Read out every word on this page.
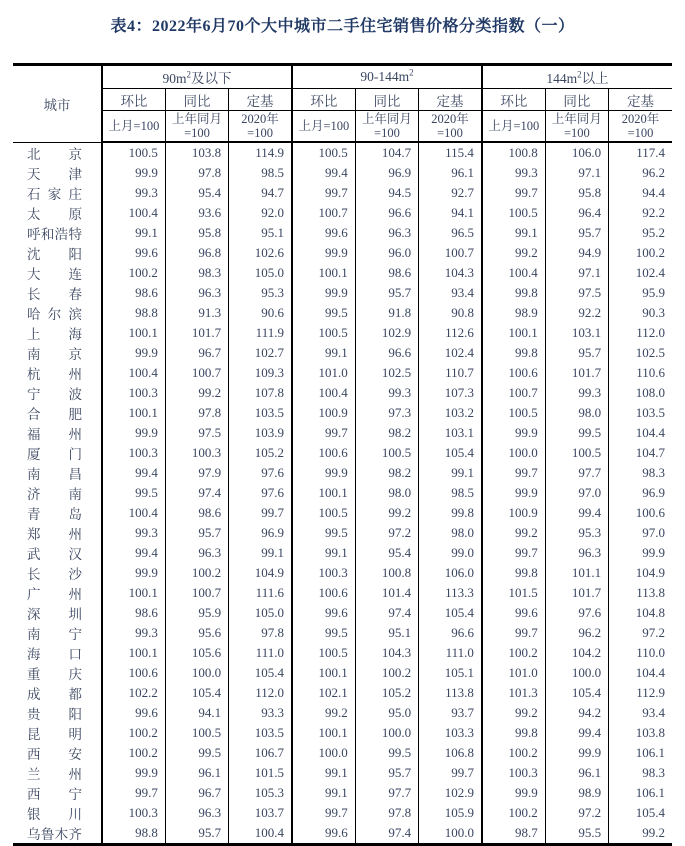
表4：2022年6月70个大中城市二手住宅销售价格分类指数（一）
城市	$90m^2$及以下			$90-144m^2$			$144m^2$以上		
	环比	同比	定基	环比	同比	定基	环比	同比	定基
	上月=100	上年同月=100	2020年=100	上月=100	上年同月=100	2020年=100	上月=100	上年同月=100	2020年=100
北京	100.5	103.8	114.9	100.5	104.7	115.4	100.8	106.0	117.4
天津	99.9	97.8	98.5	99.4	96.9	96.1	99.3	97.1	96.2
石家庄	99.3	95.4	94.7	99.7	94.5	92.7	99.7	95.8	94.4
太原	100.4	93.6	92.0	100.7	96.6	94.1	100.5	96.4	92.2
呼和浩特	99.1	95.8	95.1	99.6	96.3	96.5	99.1	95.7	95.2
沈阳	99.6	96.8	102.6	99.9	96.0	100.7	99.2	94.9	100.2
大连	100.2	98.3	105.0	100.1	98.6	104.3	100.4	97.1	102.4
长春	98.6	96.3	95.3	99.9	95.7	93.4	99.8	97.5	95.9
哈尔滨	98.8	91.3	90.6	99.5	91.8	90.8	98.9	92.2	90.3
上海	100.1	101.7	111.9	100.5	102.9	112.6	100.1	103.1	112.0
南京	99.9	96.7	102.7	99.1	96.6	102.4	99.8	95.7	102.5
杭州	100.4	100.7	109.3	101.0	102.5	110.7	100.6	101.7	110.6
宁波	100.3	99.2	107.8	100.4	99.3	107.3	100.7	99.3	108.0
合肥	100.1	97.8	103.5	100.9	97.3	103.2	100.5	98.0	103.5
福州	99.9	97.5	103.9	99.7	98.2	103.1	99.9	99.5	104.4
厦门	100.3	100.3	105.2	100.6	100.5	105.4	100.0	100.5	104.7
南昌	99.4	97.9	97.6	99.9	98.2	99.1	99.7	97.7	98.3
济南	99.5	97.4	97.6	100.1	98.0	98.5	99.9	97.0	96.9
青岛	100.4	98.6	99.7	100.5	99.2	99.8	100.9	99.4	100.6
郑州	99.3	95.7	96.9	99.5	97.2	98.0	99.2	95.3	97.0
武汉	99.4	96.3	99.1	99.1	95.4	99.0	99.7	96.3	99.9
长沙	99.9	100.2	104.9	100.3	100.8	106.0	99.8	101.1	104.9
广州	100.1	100.7	111.6	100.6	101.4	113.3	101.5	101.7	113.8
深圳	98.6	95.9	105.0	99.6	97.4	105.4	99.6	97.6	104.8
南宁	99.3	95.6	97.8	99.5	95.1	96.6	99.7	96.2	97.2
海口	100.1	105.6	111.0	100.5	104.3	111.0	100.2	104.2	110.0
重庆	100.6	100.0	105.4	100.1	100.2	105.1	101.0	100.0	104.4
成都	102.2	105.4	112.0	102.1	105.2	113.8	101.3	105.4	112.9
贵阳	99.6	94.1	93.3	99.2	95.0	93.7	99.2	94.2	93.4
昆明	100.2	100.5	103.5	100.1	100.0	103.3	99.8	99.4	103.8
西安	100.2	99.5	106.7	100.0	99.5	106.8	100.2	99.9	106.1
兰州	99.9	96.1	101.5	99.1	95.7	99.7	100.3	96.1	98.3
西宁	99.7	96.7	105.3	99.1	97.7	102.9	99.9	98.9	106.1
银川	100.3	96.3	103.7	99.7	97.8	105.9	100.2	97.2	105.4
乌鲁木齐	98.8	95.7	100.4	99.6	97.4	100.0	98.7	95.5	99.2
